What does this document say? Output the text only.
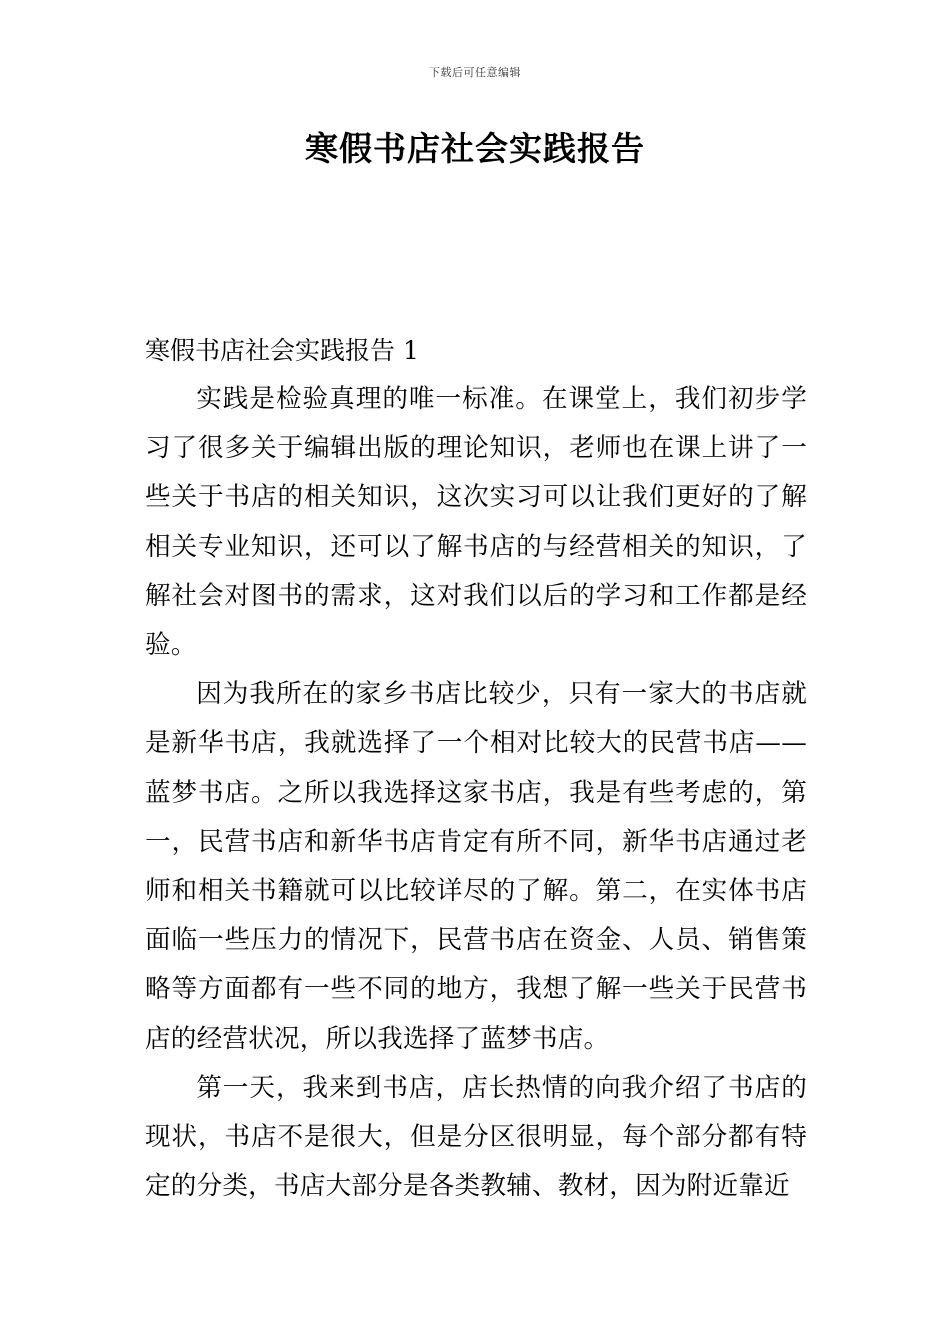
下载后可任意编辑
寒假书店社会实践报告

寒假书店社会实践报告 1

实践是检验真理的唯一标准。在课堂上，我们初步学习了很多关于编辑出版的理论知识，老师也在课上讲了一些关于书店的相关知识，这次实习可以让我们更好的了解相关专业知识，还可以了解书店的与经营相关的知识，了解社会对图书的需求，这对我们以后的学习和工作都是经验。

因为我所在的家乡书店比较少，只有一家大的书店就是新华书店，我就选择了一个相对比较大的民营书店——蓝梦书店。之所以我选择这家书店，我是有些考虑的，第一，民营书店和新华书店肯定有所不同，新华书店通过老师和相关书籍就可以比较详尽的了解。第二，在实体书店面临一些压力的情况下，民营书店在资金、人员、销售策略等方面都有一些不同的地方，我想了解一些关于民营书店的经营状况，所以我选择了蓝梦书店。

第一天，我来到书店，店长热情的向我介绍了书店的现状，书店不是很大，但是分区很明显，每个部分都有特定的分类，书店大部分是各类教辅、教材，因为附近靠近
